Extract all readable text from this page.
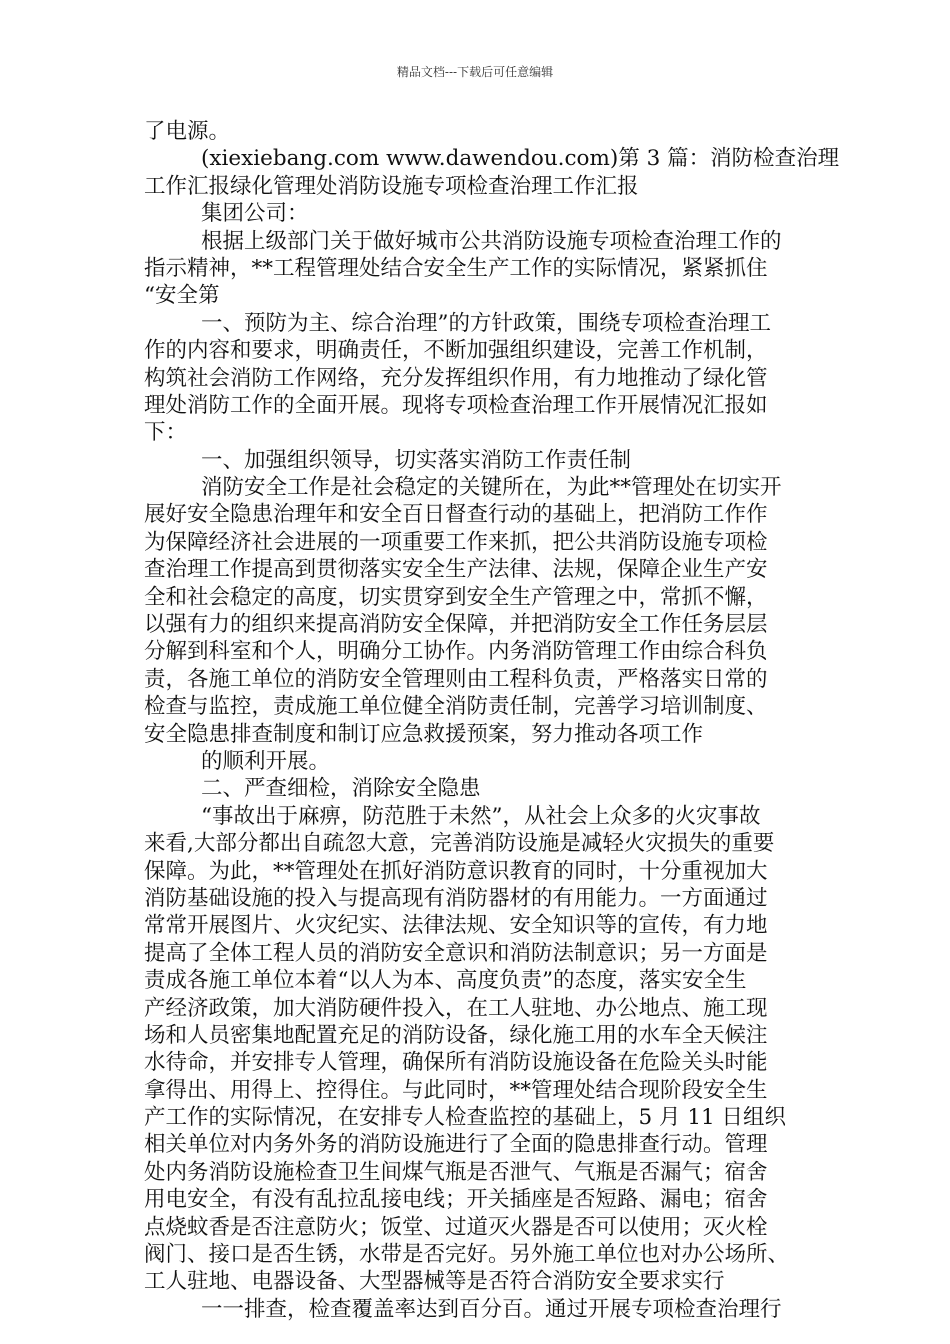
精品文档---下载后可任意编辑
了电源。
(xiexiebang.com www.dawendou.com)第 3 篇：消防检查治理
工作汇报绿化管理处消防设施专项检查治理工作汇报
集团公司：
根据上级部门关于做好城市公共消防设施专项检查治理工作的
指示精神，**工程管理处结合安全生产工作的实际情况，紧紧抓住
“安全第
一、预防为主、综合治理”的方针政策，围绕专项检查治理工
作的内容和要求，明确责任，不断加强组织建设，完善工作机制，
构筑社会消防工作网络，充分发挥组织作用，有力地推动了绿化管
理处消防工作的全面开展。现将专项检查治理工作开展情况汇报如
下：
一、加强组织领导，切实落实消防工作责任制
消防安全工作是社会稳定的关键所在，为此**管理处在切实开
展好安全隐患治理年和安全百日督查行动的基础上，把消防工作作
为保障经济社会进展的一项重要工作来抓，把公共消防设施专项检
查治理工作提高到贯彻落实安全生产法律、法规，保障企业生产安
全和社会稳定的高度，切实贯穿到安全生产管理之中，常抓不懈，
以强有力的组织来提高消防安全保障，并把消防安全工作任务层层
分解到科室和个人，明确分工协作。内务消防管理工作由综合科负
责，各施工单位的消防安全管理则由工程科负责，严格落实日常的
检查与监控，责成施工单位健全消防责任制，完善学习培训制度、
安全隐患排查制度和制订应急救援预案，努力推动各项工作
的顺利开展。
二、严查细检，消除安全隐患
“事故出于麻痹，防范胜于未然”，从社会上众多的火灾事故
来看,大部分都出自疏忽大意，完善消防设施是减轻火灾损失的重要
保障。为此，**管理处在抓好消防意识教育的同时，十分重视加大
消防基础设施的投入与提高现有消防器材的有用能力。一方面通过
常常开展图片、火灾纪实、法律法规、安全知识等的宣传，有力地
提高了全体工程人员的消防安全意识和消防法制意识；另一方面是
责成各施工单位本着“以人为本、高度负责”的态度，落实安全生
产经济政策，加大消防硬件投入，在工人驻地、办公地点、施工现
场和人员密集地配置充足的消防设备，绿化施工用的水车全天候注
水待命，并安排专人管理，确保所有消防设施设备在危险关头时能
拿得出、用得上、控得住。与此同时，**管理处结合现阶段安全生
产工作的实际情况，在安排专人检查监控的基础上，5 月 11 日组织
相关单位对内务外务的消防设施进行了全面的隐患排查行动。管理
处内务消防设施检查卫生间煤气瓶是否泄气、气瓶是否漏气；宿舍
用电安全，有没有乱拉乱接电线；开关插座是否短路、漏电；宿舍
点烧蚊香是否注意防火；饭堂、过道灭火器是否可以使用；灭火栓
阀门、接口是否生锈，水带是否完好。另外施工单位也对办公场所、
工人驻地、电器设备、大型器械等是否符合消防安全要求实行
一一排查，检查覆盖率达到百分百。通过开展专项检查治理行
